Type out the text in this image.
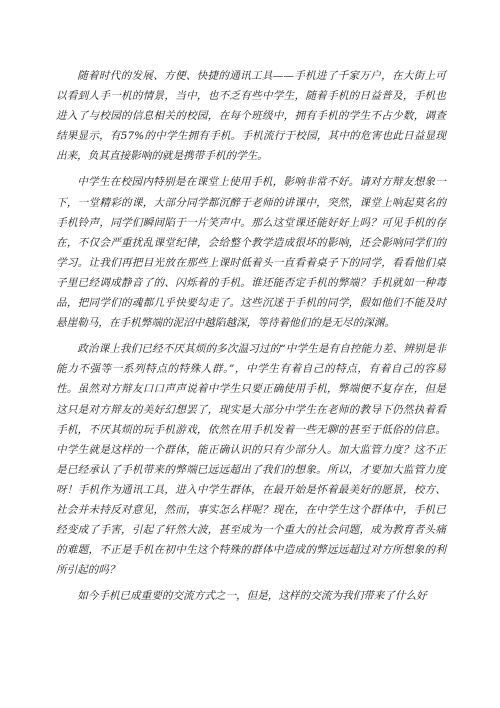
随着时代的发展、方便、快捷的通讯工具——手机进了千家万户，在大街上可以看到人手一机的情景，当中，也不乏有些中学生，随着手机的日益普及，手机也进入了与校园的信息相关的校园，在每个班级中，拥有手机的学生不占少数，调查结果显示，有57%的中学生拥有手机。手机流行于校园，其中的危害也此日益显现出来，负其直接影响的就是携带手机的学生。

中学生在校园内特别是在课堂上使用手机，影响非常不好。请对方辩友想象一下，一堂精彩的课，大部分同学都沉醉于老师的讲课中，突然，课堂上响起莫名的手机铃声，同学们瞬间陷于一片笑声中。那么这堂课还能好好上吗？可见手机的存在，不仅会严重扰乱课堂纪律，会给整个教学造成很坏的影响，还会影响同学们的学习。让我们再把目光放在那些上课时低着头一直看着桌子下的同学，看看他们桌子里已经调成静音了的、闪烁着的手机。谁还能否定手机的弊端？手机就如一种毒品，把同学们的魂都几乎快要勾走了。这些沉迷于手机的同学，假如他们不能及时悬崖勒马，在手机弊端的泥沼中越陷越深，等待着他们的是无尽的深渊。

政治课上我们已经不厌其烦的多次温习过的“中学生是有自控能力差、辨别是非能力不强等一系列特点的特殊人群。”，中学生有着自己的特点，有着自己的容易性。虽然对方辩友口口声声说着中学生只要正确使用手机，弊端便不复存在，但是这只是对方辩友的美好幻想罢了，现实是大部分中学生在老师的教导下仍然执着看手机，不厌其烦的玩手机游戏，依然在用手机发着一些无聊的甚至于低俗的信息。中学生就是这样的一个群体，能正确认识的只有少部分人。加大监管力度？这不正是已经承认了手机带来的弊端已远远超出了我们的想象。所以，才要加大监管力度呀！手机作为通讯工具，进入中学生群体，在最开始是怀着最美好的愿景，校方、社会并未持反对意见，然而，事实怎么样呢？现在，在中学生这个群体中，手机已经变成了手害，引起了轩然大波，甚至成为一个重大的社会问题，成为教育者头痛的难题，不正是手机在初中生这个特殊的群体中造成的弊远远超过对方所想象的利所引起的吗？

如今手机已成重要的交流方式之一，但是，这样的交流为我们带来了什么好
